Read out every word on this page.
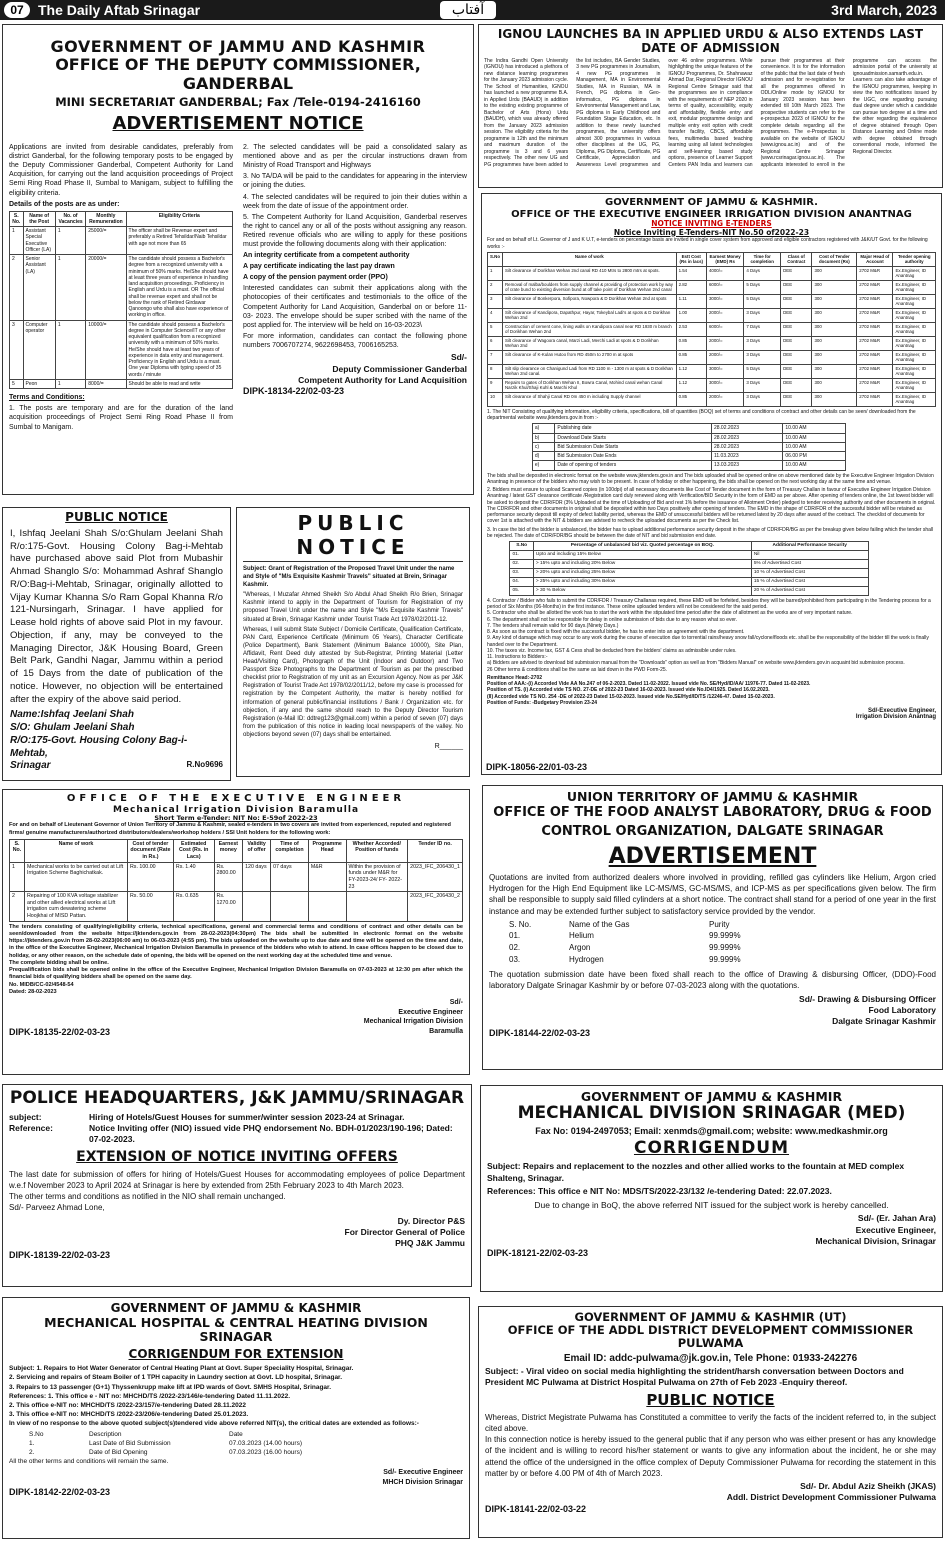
07	The Daily Aftab Srinagar	آفتاب	3rd March, 2023
GOVERNMENT OF JAMMU AND KASHMIR
OFFICE OF THE DEPUTY COMMISSIONER, GANDERBAL
MINI SECRETARIAT GANDERBAL; Fax /Tele-0194-2416160
ADVERTISEMENT NOTICE

Applications are invited from desirable candidates, preferably from district Ganderbal, for the following temporary posts to be engaged by the Deputy Commissioner Ganderbal, Competent Authority for Land Acquisition, for carrying out the land acquisition proceedings of Project Semi Ring Road Phase II, Sumbal to Manigam, subject to fulfilling the eligibility criteria.

Details of the posts are as under:

S. No.	Name of the Post	No. of Vacancies	Monthly Remuneration	Eligibility Criteria
1	Assistant Special Executive Officer (LA)	1	25000/=	The officer shall be Revenue expert and preferably a Retired Tehsildar/Naib Tehsildar with age not more than 65
2	Senior Assistant (LA)	1	20000/=	The candidate should possess a Bachelor's degree from a recognized university with a minimum of 50% marks. He/She should have at least three years of experience in handling land acquisition proceedings. Proficiency in English and Urdu is a must. OR The official shall be revenue expert and shall not be below the rank of Retired Girdawar Qanoongo who shall also have experience of working in office.
3	Computer operator	1	10000/=	The candidate should possess a Bachelor's degree in Computer Science/IT or any other equivalent qualification from a recognized university with a minimum of 50% marks. He/She should have at least two years of experience in data entry and management. Proficiency in English and Urdu is a must. One year Diploma with typing speed of 35 words / minute
5	Peon	1	8000/=	Should be able to read and write

Terms and Conditions:

1. The posts are temporary and are for the duration of the land acquisition proceedings of Project Semi Ring Road Phase II from Sumbal to Manigam.

2. The selected candidates will be paid a consolidated salary as mentioned above and as per the circular instructions drawn from Ministry of Road Transport and Highways

3. No TA/DA will be paid to the candidates for appearing in the interview or joining the duties.

4. The selected candidates will be required to join their duties within a week from the date of issue of the appointment order.

5. The Competent Authority for lLand Acquisition, Ganderbal reserves the right to cancel any or all of the posts without assigning any reason. Retired revenue officials who are willing to apply for these positions must provide the following documents along with their application:

An integrity certificate from a competent authority

A pay certificate indicating the last pay drawn

A copy of the pension payment order (PPO)

Interested candidates can submit their applications along with the photocopies of their certificates and testimonials to the office of the Competent Authority for Land Acquisition, Ganderbal on or before 11-03- 2023. The envelope should be super scribed with the name of the post applied for. The interview will be held on 16-03-2023\

For more information, candidates can contact the following phone numbers 7006707274, 9622698453, 7006165253.

Sd/-
Deputy Commissioner Ganderbal
Competent Authority for Land Acquisition
DIPK-18134-22/02-03-23
IGNOU LAUNCHES BA IN APPLIED URDU & ALSO EXTENDS LAST DATE OF ADMISSION
The Indira Gandhi Open University (IGNOU) has introduced a plethora of new distance learning programmes for the January 2023 admission cycle. The School of Humanities, IGNOU has launched a new programme B.A. in Applied Urdu (BAAUD) in addition to the existing existing programme of Bachelor of Arts (Hons) Urdu (BAUDH), which was already offered from the January 2023 admission session. The eligibility criteria for the programme is 12th and the minimum and maximum duration of the programme is 3 and 6 years respectively. The other new UG and PG programmes have been added to the list includes, BA Gender Studies, 3 new PG programmes in Journalism, 4 new PG programmes in Management, MA in Environmental Studies, MA in Russian, MA in French, PG diploma in Geo-informatics, PG diploma in Environmental Management and Law, PG diploma in Early Childhood and Foundation Stage Education, etc. In addition to these newly launched programmes, the university offers almost 300 programmes in various other disciplines at the UG, PG, Diploma, PG Diploma, Certificate, PG Certificate, Appreciation and Awareness Level programmes and over 46 online programmes. While highlighting the unique features of the IGNOU Programmes, Dr. Shahnawaz Ahmad Dar, Regional Director IGNOU Regional Centre Srinagar said that the programmes are in compliance with the requirements of NEP 2020 in terms of quality, accessibility, equity and affordability, flexible entry and exit, modular programme design and multiple entry exit option with credit transfer facility, CBCS, affordable fees, multimedia based teaching learning using all latest technologies and self-learning based study options, presence of Learner Support Centers PAN India and learners can pursue their programmes at their convenience. It is for the information of the public that the last date of fresh admission and for re-registration for all the programmes offered in ODL/Online mode by IGNOU for January 2023 session has been extended till 10th March 2023. The prospective students can refer to the e-prospectus 2023 of IGNOU for the complete details regarding all the programmes. The e-Prospectus is available on the website of IGNOU (www.ignou.ac.in) and of the Regional Centre Srinagar (www.rcsrinagar.ignou.ac.in). The applicants interested to enroll in the programme can access the admission portal of the university at ignouadmission.samarth.edu.in. Learners can also take advantage of the IGNOU programmes, keeping in view the two notifications issued by the UGC, one regarding pursuing dual degree under which a candidate can pursue two degree at a time and the other regarding the equivalence of degree obtained through Open Distance Learning and Online mode with degree obtained through conventional mode, informed the Regional Director.
GOVERNMENT OF JAMMU & KASHMIR.
OFFICE OF THE EXECUTIVE ENGINEER IRRIGATION DIVISION ANANTNAG
NOTICE INVITING E-TENDERS
Notice Inviting E-Tenders-NIT No.50 of2022-23

For and on behalf of Lt. Governor of J and K U.T, e-tenders on percentage basis are invited in single cover system from approved and eligible contractors registered with J&K/UT Govt. for the following works :-

S.No	Name of work	Estt Cost (Rs in lacs)	Earnest Money (EMD) Rs	Time for completion	Class of Contract	Cost of Tender document (Rs)	Major Head of Account	Tender opening authority
1	Silt clearance of Dorikhan Wehan 2nd canal RD 410 Mtrs to 2800 mtrs at spots.	1.54	4000/=	4 Days	DEE	300	2702 M&R	Ex.Engineer, ID Anantnag
2	Removal of malba/boulders from supply channel & providing of protection work by way of crate bund to existing diversion bund at off take point of Dorikhan Wehan 2nd canal	2.82	6000/=	5 Days	DEE	300	2702 M&R	Ex.Engineer, ID Anantnag
3	Silt clearance of Bonkerpora, Sofipora, Nowpora & D Dorikhan Wehan 2nd at spots	1.11	3000/=	5 Days	DEE	300	2702 M&R	Ex.Engineer, ID Anantnag
4	Silt clearance of Kandipora, Dapathpur, Hayar, Tokeybal Ladi's at spots & D Dorikhan Wehan 2nd	1.00	2000/=	3 Days	DEE	300	2702 M&R	Ex.Engineer, ID Anantnag
5	Construction of cement cone, lining walls on Kandipora canal near RD 1930 m branch of Dorikhan Wehan 2nd	2.53	6000/=	7 Days	DEE	300	2702 M&R	Ex.Engineer, ID Anantnag
6	Silt clearance of Wagoora canal, Marzi Ladi, Merchi Ladi at spots & D Dorikhan Wehan 2nd	0.85	2000/=	3 Days	DEE	300	2702 M&R	Ex.Engineer, ID Anantnag
7	Silt clearance of K-Kulan Hutoo from RD 450m to 2700 m at spots	0.85	2000/=	3 Days	DEE	300	2702 M&R	Ex.Engineer, ID Anantnag
8	Silt slip clearance on Chanigund Ladi from RD 1100 m - 1300 m at spots & D Dorikhan Wehan 2nd canal.	1.12	3000/=	5 Days	DEE	300	2702 M&R	Ex.Engineer, ID Anantnag
9	Repairs to gates of Dorikhan Wehan II, Bowra Canal, Mohind canal wehan Canal Narzik Khul/Shaji Kuhl & Marchi Khul	1.12	3000/=	3 Days	DEE	300	2702 M&R	Ex.Engineer, ID Anantnag
10	Silt clearance of Shahji Canal RD 0m 450 m including Supply channel	0.85	2000/=	3 Days	DEE	300	2702 M&R	Ex.Engineer, ID Anantnag

1. The NIT Consisting of qualifying information, eligibility criteria, specifications, bill of quantities (BOQ) set of terms and conditions of contract and other details can be seen/ downloaded from the departmental website www.jktenders.gov.in from :-

a)	Publishing date	28.02.2023	10.00 AM
b)	Download Date Starts	28.02.2023	10.00 AM
c)	Bid Submission Date Starts	28.02.2023	10.00 AM
d)	Bid Submission Date Ends	11.03.2023	06.00 PM
e)	Date of opening of tenders	13.03.2023	10.00 AM

The bids shall be deposited in electronic format on the website www.jktenders.gov.in and The bids uploaded shall be opened online on above mentioned date by the Executive Engineer Irrigation Division Anantnag in presence of the bidders who may wish to be present. In case of holiday or other happening, the bids shall be opened on the next working day at the same time and venue.

2. Bidders must ensure to upload Scanned copies (in 100dpi) of all necessary documents like Cost of Tender document in the form of Treasury Challan in favour of Executive Engineer Irrigation Division Anantnag / latest GST clearance certificate /Registration card duly renewed along with Verification/BID Security in the form of EMD as per above. After opening of tenders online, the 1st lowest bidder will be asked to deposit the CDR/FDR (3% Uploaded at the time of Uploading of Bid and rest 1% before the issuance of Allotment Order) pledged to tender receiving authority and other documents in original. The CDR/FDR and other documents in original shall be deposited within two Days positively after opening of tenders. The EMD in the shape of CDR/FDR of the successful bidder will be retained as performance security deposit till expiry of defect liability period, whereas the EMD of unsuccessful bidders will be returned latest by 20 days after award of the contract. The checklist of documents for cover 1st is attached with the NIT & bidders are advised to recheck the uploaded documents as per the Check list.

3. In case the bid of the bidder is unbalanced, the bidder has to upload additional performance security deposit in the shape of CDR/FDR/BG as per the breakup given below failing which the tender shall be rejected. The date of CDR/FDR/BG should be between the date of NIT and bid submission end date.

S.No	Percentage of unbalanced bid viz. Quoted percentage on BOQ.	Additional Performance Security
01.	Upto and including 15% Below	Nil
02.	> 15% upto and including 20% Below	5% of Advertised Cost
03.	> 20% upto and including 25% Below	10 % of Advertised Cost
04.	> 25% upto and including 30% Below	15 % of Advertised Cost
05.	> 30 % Below	20 % of Advertised Cost

4. Contractor / Bidder who fails to submit the CDR/FDR / Treasury Challanas required, these EMD will be forfeited, besides they will be barred/prohibited from participating in the Tendering process for a period of Six Months (06-Months) in the first instance. These online uploaded tenders will not be considered for the said period.
5. Contractor who shall be allotted the work has to start the work within the stipulated time period after the date of allotment as the works are of very important nature.
6. The department shall not be responsible for delay in online submission of bids due to any reason what so ever.
7. The tenders shall remain valid for 90 days.(Ninety Days.)
8. As soon as the contract is fixed with the successful bidder, he has to enter into an agreement with the department.
9. Any kind of damage which may occur to any work during the course of execution due to torrential rains/heavy snow fall/cyclone/floods etc. shall be the responsibility of the bidder till the work is finally handed over to the Department.
10. The taxes viz. Income tax, GST & Cess shall be deducted from the bidders' claims as admissible under rules.
11. Instructions to Bidders:-
a) Bidders are advised to download bid submission manual from the "Downloads" option as well as from "Bidders Manual" on website www.jktenders.gov.in acquaint bid submission process.
26 Other terms & conditions shall be the same as laid down in the PWD Form-25.

Remittance Head:-2702
Position of AAA:-(i) Accorded Vide AA No.247 of 06-2-2023. Dated 11-02-2022. Issued vide No. SE/Hyd/ID/AA/ 11976-77. Dated 11-02-2023.
Position of TS. (i) Accorded vide TS NO. 27-DE of 2022-23 Dated 16-02-2023. Issued vide No.ID4/1925. Dated 16.02.2023.
(II) Accorded vide TS NO. 254 -DE of 2022-23 Dated 15-02-2023. Issued vide No.SE/Hyd/ID/TS /12246-47. Dated 15-02-2023.
Position of Funds: -Budgetary Provision 23-24

Sd/-Executive Engineer,
Irrigation Division Anantnag
DIPK-18056-22/01-03-23
PUBLIC NOTICE

I, Ishfaq Jeelani Shah S/o:Ghulam Jeelani Shah R/o:175-Govt. Housing Colony Bag-i-Mehtab have purchased above said Plot from Mubashir Ahmad Shanglo S/o: Mohammad Ashraf Shanglo R/O:Bag-i-Mehtab, Srinagar, originally allotted to Vijay Kumar Khanna S/o Ram Gopal Khanna R/o 121-Nursingarh, Srinagar. I have applied for Lease hold rights of above said Plot in my favour. Objection, if any, may be conveyed to the Managing Director, J&K Housing Board, Green Belt Park, Gandhi Nagar, Jammu within a period of 15 Days from the date of publication of the notice. However, no objection will be entertained after the expiry of the above said period.

Name:Ishfaq Jeelani Shah
S/O: Ghulam Jeelani Shah
R/O:175-Govt. Housing Colony Bag-i-Mehtab,
Srinagar	R.No9696
PUBLIC NOTICE

Subject: Grant of Registration of the Proposed Travel Unit under the name and Style of "M/s Exquisite Kashmir Travels" situated at Brein, Srinagar Kashmir.

"Whereas, I Muzafar Ahmed Sheikh S/o Abdul Ahad Sheikh R/o Brien, Srinagar Kashmir intend to apply in the Department of Tourism for Registration of my proposed Travel Unit under the name and Style "M/s Exquisite Kashmir Travels" situated at Brein, Srinagar Kashmir under Tourist Trade Act 1978/02/2011-12.

Whereas, I will submit State Subject / Domicile Certificate, Qualification Certificate, PAN Card, Experience Certificate (Minimum 05 Years), Character Certificate (Police Department), Bank Statement (Minimum Balance 10000), Site Plan, Affidavit, Rent Deed duly attested by Sub-Registrar, Printing Material (Letter Head/Visiting Card), Photograph of the Unit (Indoor and Outdoor) and Two Passport Size Photographs to the Department of Tourism as per the prescribed checklist prior to Registration of my unit as an Excursion Agency. Now as per J&K Registration of Tourist Trade Act 1978/02/2011/12, before my case is processed for registration by the Competent Authority, the matter is hereby notified for information of general public/financial institutions / Bank / Organization etc. for objection, if any and the same should reach to the Deputy Director Tourism Registration (e-Mail ID: ddtreg123@gmail.com) within a period of seven (07) days from the publication of this notice in leading local newspaper/s of the valley. No objections beyond seven (07) days shall be entertained.

R______
OFFICE OF THE EXECUTIVE ENGINEER
Mechanical Irrigation Division Baramulla
Short Term e-Tender: NIT No: E-59of 2022-23

For and on behalf of Lieutenant Governor of Union Territory of Jammu & Kashmir, sealed e-tenders in two covers are invited from experienced, reputed and registered firms/ genuine manufacturers/authorized distributors/dealers/workshop holders / SSI Unit holders for the following work:

S. No.	Name of work	Cost of tender document (Rate in Rs.)	Estimated Cost (Rs. in Lacs)	Earnest money	Validity of offer	Time of completion	Programme Head	Whether Accorded/ Position of funds	Tender ID no.
1	Mechanical works to be carried out at Lift Irrigation Scheme Baghichatkak.	Rs. 100.00	Rs. 1.40	Rs. 2800.00	120 days	07 days	M&R	Within the provision of funds under M&R for FY-2023-24/ FY- 2022-23	2023_IFC_206430_1
2	Repairing of 100 KVA voltage stabilizer and other allied electrical works at Lift irrigation cum dewatering scheme Hoojkhai of MISD Pattan.	Rs. 50.00	Rs. 0.635	Rs. 1270.00					2023_IFC_206430_2

The tenders consisting of qualifying/eligibility criteria, technical specifications, general and commercial terms and conditions of contract and other details can be seen/downloaded from the website https://jktenders.gov.in from 28-02-2023(04:30pm) The bids shall be submitted in electronic format on the website https://jktenders.gov.in from 28-02-2023(06:00 am) to 06-03-2023 (4:55 pm). The bids uploaded on the website up to due date and time will be opened on the time and date, in the office of the Executive Engineer, Mechanical Irrigation Division Baramulla in presence of the bidders who wish to attend. In case offices happen to be closed due to holiday, or any other reason, on the schedule date of opening, the bids will be opened on the next working day at the scheduled time and venue.
The complete bidding shall be online.
Prequalification bids shall be opened online in the office of the Executive Engineer, Mechanical Irrigation Division Baramulla on 07-03-2023 at 12:30 pm after which the financial bids of qualifying bidders shall be opened on the same day.
No. MIDB/CC-02/4548-54
Dated: 28-02-2023

Sd/-
Executive Engineer
Mechanical Irrigation Division
DIPK-18135-22/02-03-23	Baramulla
UNION TERRITORY OF JAMMU & KASHMIR
OFFICE OF THE FOOD ANALYST LABORATORY, DRUG & FOOD CONTROL ORGANIZATION, DALGATE SRINAGAR
ADVERTISEMENT

Quotations are invited from authorized dealers whore involved in providing, refilled gas cylinders like Helium, Argon cried Hydrogen for the High End Equipment like LC-MS/MS, GC-MS/MS, and ICP-MS as per specifications given below. The firm shall be responsible to supply said filled cylinders at a short notice. The contract shall stand for a period of one year in the first instance and may be extended further subject to satisfactory service provided by the vendor.

S. No.	Name of the Gas	Purity
01.	Helium	99.999%
02.	Argon	99.999%
03.	Hydrogen	99.999%

The quotation submission date have been fixed shall reach to the office of Drawing & disbursing Officer, (DDO)-Food laboratory Dalgate Srinagar Kashmir by or before 07-03-2023 along with the quotations.

Sd/- Drawing & Disbursing Officer
Food Laboratory
Dalgate Srinagar Kashmir
DIPK-18144-22/02-03-23
POLICE HEADQUARTERS, J&K JAMMU/SRINAGAR
subject:	Hiring of Hotels/Guest Houses for summer/winter session 2023-24 at Srinagar.
Reference:	Notice Inviting offer (NIO) issued vide PHQ endorsement No. BDH-01/2023/190-196; Dated: 07-02-2023.
EXTENSION OF NOTICE INVITING OFFERS

The last date for submission of offers for hiring of Hotels/Guest Houses for accommodating employees of police Department w.e.f November 2023 to April 2024 at Srinagar is here by extended from 25th February 2023 to 4th March 2023.
The other terms and conditions as notified in the NIO shall remain unchanged.
Sd/- Parveez Ahmad Lone,

Dy. Director P&S
For Director General of Police
PHQ J&K Jammu
DIPK-18139-22/02-03-23
GOVERNMENT OF JAMMU & KASHMIR
MECHANICAL DIVISION SRINAGAR (MED)
Fax No: 0194-2497053; Email: xenmds@gmail.com; website: www.medkashmir.org
CORRIGENDUM

Subject: Repairs and replacement to the nozzles and other allied works to the fountain at MED complex Shalteng, Srinagar.

References: This office e NIT No: MDS/TS/2022-23/132 /e-tendering Dated: 22.07.2023.

Due to change in BoQ, the above referred NIT issued for the subject work is hereby cancelled.

Sd/- (Er. Jahan Ara)
Executive Engineer,
Mechanical Division, Srinagar
DIPK-18121-22/02-03-23
GOVERNMENT OF JAMMU & KASHMIR
MECHANICAL HOSPITAL & CENTRAL HEATING DIVISION SRINAGAR
CORRIGENDUM FOR EXTENSION

Subject: 1. Repairs to Hot Water Generator of Central Heating Plant at Govt. Super Speciality Hospital, Srinagar.
2. Servicing and repairs of Steam Boiler of 1 TPH capacity in Laundry section at Govt. LD hospital, Srinagar.
3. Repairs to 13 passenger (G+1) Thyssenkrupp make lift at IPD wards of Govt. SMHS Hospital, Srinagar.
References: 1. This office e - NIT no: MHCHD/TS /2022-23/146/e-tendering Dated 11.11.2022.
2. This office e-NIT no: MHCHD/TS /2022-23/157/e-tendering Dated 28.11.2022
3. This office e-NIT no: MHCHD/TS /2022-23/206/e-tendering Dated 25.01.2023.
In view of no response to the above quoted subject(s)tendered vide above referred NIT(s), the critical dates are extended as follows:-

S.No	Description	Date
1.	Last Date of Bid Submission	07.03.2023 (14.00 hours)
2.	Date of Bid Opening	07.03.2023 (16.00 hours)

All the other terms and conditions will remain the same.

Sd/- Executive Engineer
MHCH Division Srinagar
DIPK-18142-22/02-03-23
GOVERNMENT OF JAMMU & KASHMIR (UT)
OFFICE OF THE ADDL DISTRICT DEVELOPMENT COMMISSIONER PULWAMA
Email ID: addc-pulwama@jk.gov.in, Tele Phone: 01933-242276

Subject: - Viral video on social media highlighting the strident/harsh conversation between Doctors and President MC Pulwama at District Hospital Pulwama on 27th of Feb 2023 -Enquiry thereof.

PUBLIC NOTICE

Whereas, District Megistrate Pulwama has Constituted a committee to verify the facts of the incident referred to, in the subject cited above.
In this connection notice is hereby issued to the general public that if any person who was either present or has any knowledge of the incident and is willing to record his/her statement or wants to give any information about the incident, he or she may attend the office of the undersigned in the office complex of Deputy Commissioner Pulwama for recording the statement in this matter by or before 4.00 PM of 4th of March 2023.

Sd/- Dr. Abdul Aziz Sheikh (JKAS)
Addl. District Development Commissioner Pulwama
DIPK-18141-22/02-03-22
